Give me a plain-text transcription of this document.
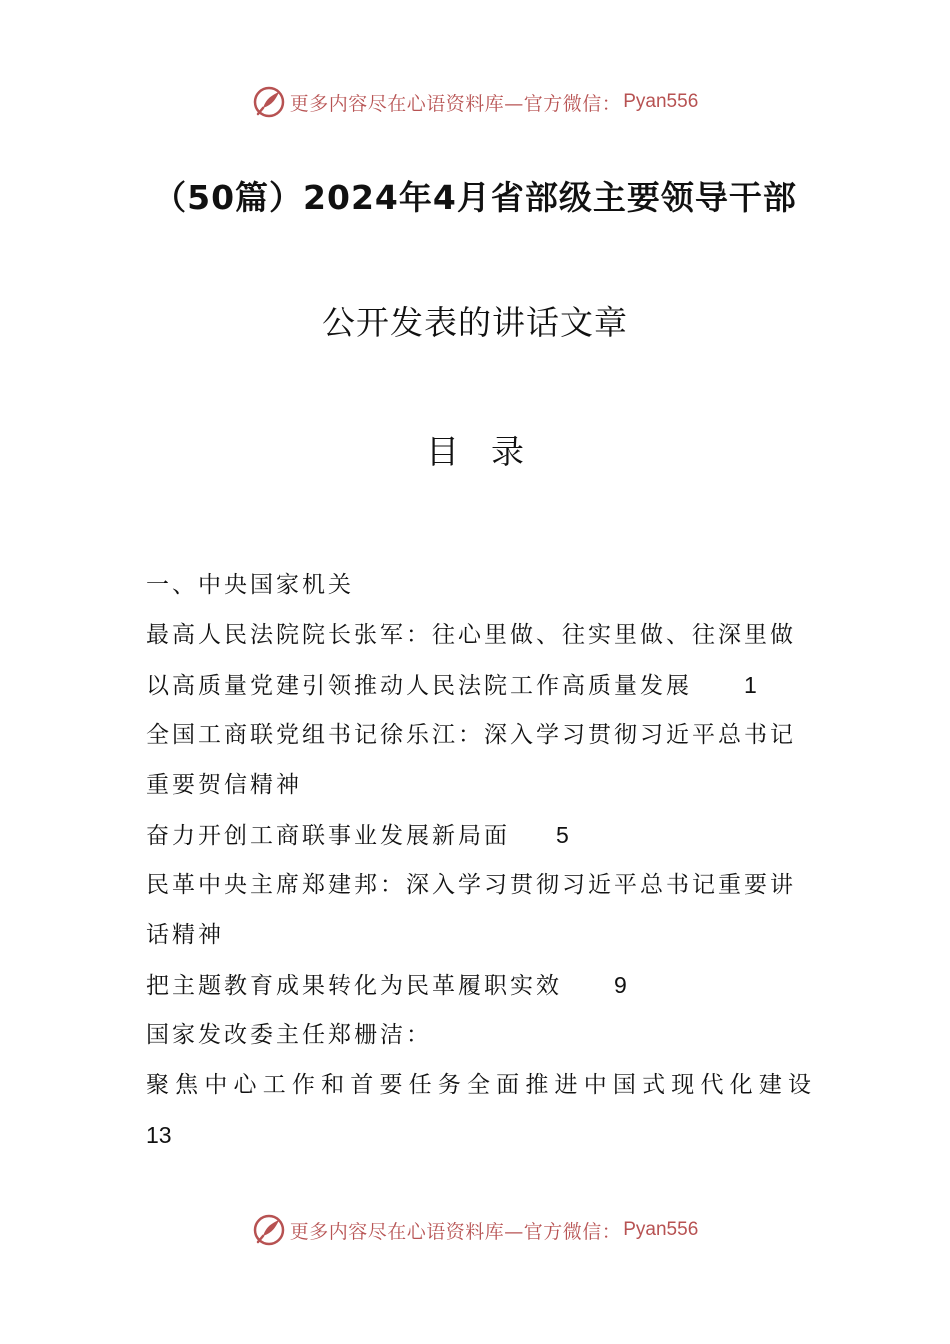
更多内容尽在心语资料库—官方微信： Pyan556
（50篇）2024年4月省部级主要领导干部
公开发表的讲话文章
目录
一、中央国家机关
最高人民法院院长张军：往心里做、往实里做、往深里做
以高质量党建引领推动人民法院工作高质量发展 1
全国工商联党组书记徐乐江：深入学习贯彻习近平总书记
重要贺信精神
奋力开创工商联事业发展新局面 5
民革中央主席郑建邦：深入学习贯彻习近平总书记重要讲
话精神
把主题教育成果转化为民革履职实效 9
国家发改委主任郑栅洁：
聚焦中心工作和首要任务全面推进中国式现代化建设
13
更多内容尽在心语资料库—官方微信： Pyan556
